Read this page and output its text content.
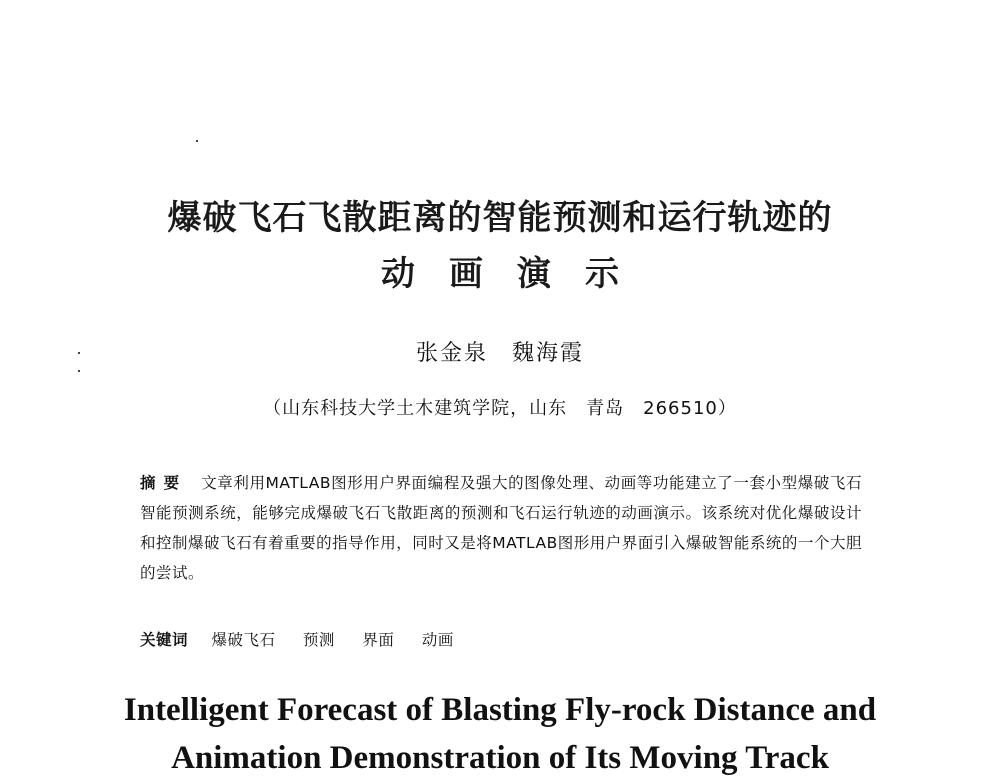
爆破飞石飞散距离的智能预测和运行轨迹的
动画演示
张金泉　魏海霞
（山东科技大学土木建筑学院，山东　青岛　266510）
摘要 文章利用MATLAB图形用户界面编程及强大的图像处理、动画等功能建立了一套小型爆破飞石智能预测系统，能够完成爆破飞石飞散距离的预测和飞石运行轨迹的动画演示。该系统对优化爆破设计和控制爆破飞石有着重要的指导作用，同时又是将MATLAB图形用户界面引入爆破智能系统的一个大胆的尝试。
关键词 爆破飞石 预测 界面 动画
Intelligent Forecast of Blasting Fly-rock Distance and
Animation Demonstration of Its Moving Track
